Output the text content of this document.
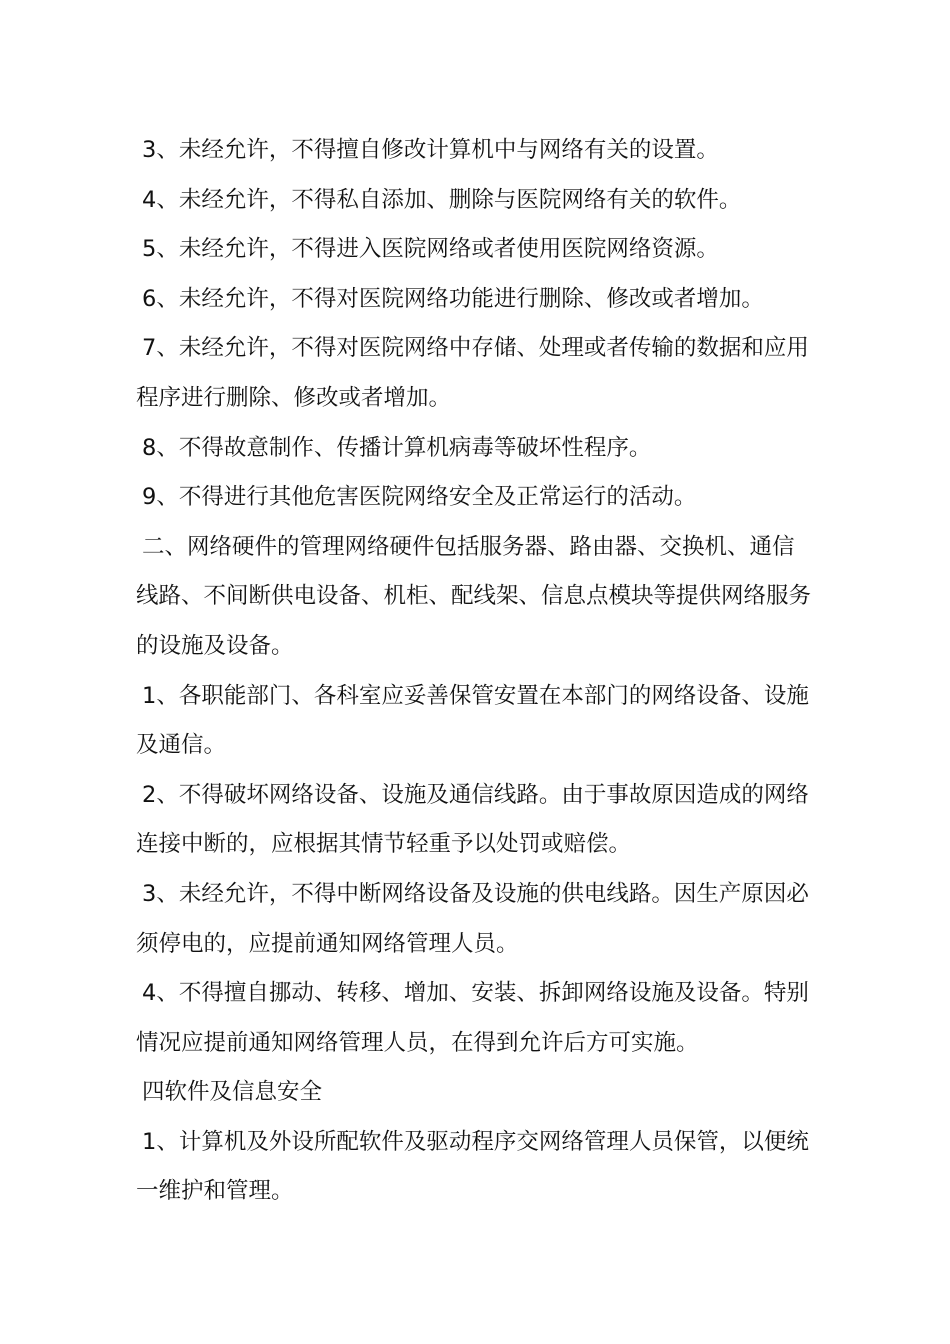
3、未经允许，不得擅自修改计算机中与网络有关的设置。

4、未经允许，不得私自添加、删除与医院网络有关的软件。

5、未经允许，不得进入医院网络或者使用医院网络资源。

6、未经允许，不得对医院网络功能进行删除、修改或者增加。

7、未经允许，不得对医院网络中存储、处理或者传输的数据和应用程序进行删除、修改或者增加。

8、不得故意制作、传播计算机病毒等破坏性程序。

9、不得进行其他危害医院网络安全及正常运行的活动。

二、网络硬件的管理网络硬件包括服务器、路由器、交换机、通信线路、不间断供电设备、机柜、配线架、信息点模块等提供网络服务的设施及设备。

1、各职能部门、各科室应妥善保管安置在本部门的网络设备、设施及通信。

2、不得破坏网络设备、设施及通信线路。由于事故原因造成的网络连接中断的，应根据其情节轻重予以处罚或赔偿。

3、未经允许，不得中断网络设备及设施的供电线路。因生产原因必须停电的，应提前通知网络管理人员。

4、不得擅自挪动、转移、增加、安装、拆卸网络设施及设备。特别情况应提前通知网络管理人员，在得到允许后方可实施。

四软件及信息安全

1、计算机及外设所配软件及驱动程序交网络管理人员保管，以便统一维护和管理。
